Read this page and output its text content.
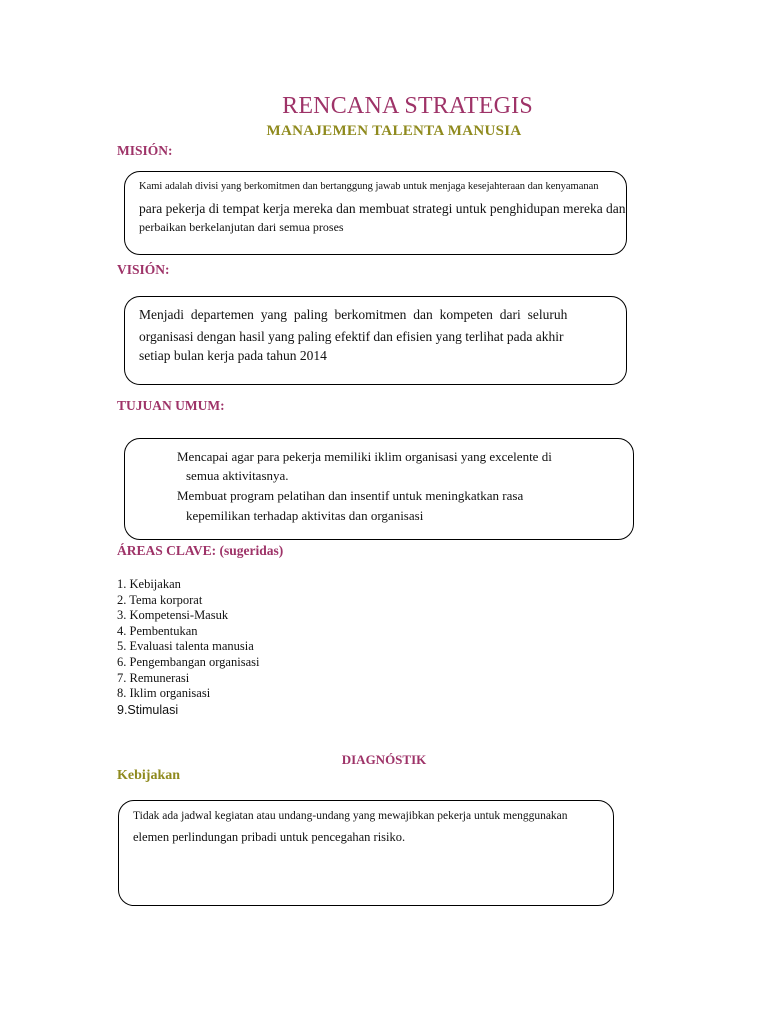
RENCANA STRATEGIS
MANAJEMEN TALENTA MANUSIA
MISIÓN:
Kami adalah divisi yang berkomitmen dan bertanggung jawab untuk menjaga kesejahteraan dan kenyamanan
para pekerja di tempat kerja mereka dan membuat strategi untuk penghidupan mereka dan
perbaikan berkelanjutan dari semua proses
VISIÓN:
Menjadi departemen yang paling berkomitmen dan kompeten dari seluruh
organisasi dengan hasil yang paling efektif dan efisien yang terlihat pada akhir
setiap bulan kerja pada tahun 2014
TUJUAN UMUM:
Mencapai agar para pekerja memiliki iklim organisasi yang excelente di
semua aktivitasnya.
Membuat program pelatihan dan insentif untuk meningkatkan rasa
kepemilikan terhadap aktivitas dan organisasi
ÁREAS CLAVE: (sugeridas)
1. Kebijakan
2. Tema korporat
3. Kompetensi-Masuk
4. Pembentukan
5. Evaluasi talenta manusia
6. Pengembangan organisasi
7. Remunerasi
8. Iklim organisasi
9.Stimulasi
DIAGNÓSTIK
Kebijakan
Tidak ada jadwal kegiatan atau undang-undang yang mewajibkan pekerja untuk menggunakan
elemen perlindungan pribadi untuk pencegahan risiko.
